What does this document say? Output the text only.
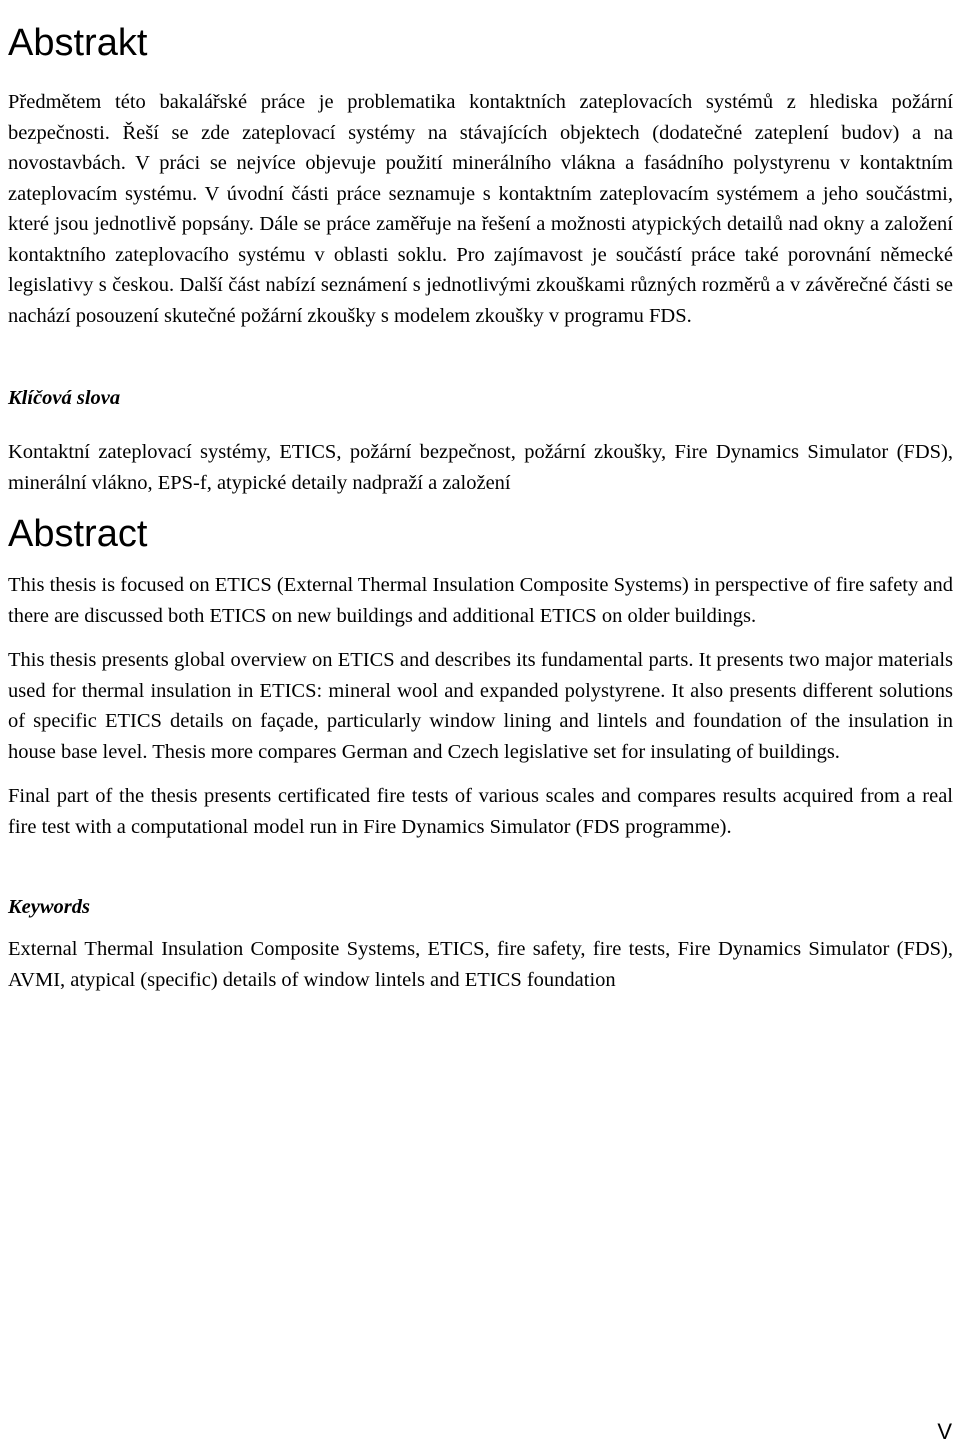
Abstrakt

Předmětem této bakalářské práce je problematika kontaktních zateplovacích systémů z hlediska požární bezpečnosti. Řeší se zde zateplovací systémy na stávajících objektech (dodatečné zateplení budov) a na novostavbách. V práci se nejvíce objevuje použití minerálního vlákna a fasádního polystyrenu v kontaktním zateplovacím systému. V úvodní části práce seznamuje s kontaktním zateplovacím systémem a jeho součástmi, které jsou jednotlivě popsány. Dále se práce zaměřuje na řešení a možnosti atypických detailů nad okny a založení kontaktního zateplovacího systému v oblasti soklu. Pro zajímavost je součástí práce také porovnání německé legislativy s českou. Další část nabízí seznámení s jednotlivými zkouškami různých rozměrů a v závěrečné části se nachází posouzení skutečné požární zkoušky s modelem zkoušky v programu FDS.

Klíčová slova

Kontaktní zateplovací systémy, ETICS, požární bezpečnost, požární zkoušky, Fire Dynamics Simulator (FDS), minerální vlákno, EPS-f, atypické detaily nadpraží a založení

Abstract

This thesis is focused on ETICS (External Thermal Insulation Composite Systems) in perspective of fire safety and there are discussed both ETICS on new buildings and additional ETICS on older buildings.

This thesis presents global overview on ETICS and describes its fundamental parts. It presents two major materials used for thermal insulation in ETICS: mineral wool and expanded polystyrene. It also presents different solutions of specific ETICS details on façade, particularly window lining and lintels and foundation of the insulation in house base level. Thesis more compares German and Czech legislative set for insulating of buildings.

Final part of the thesis presents certificated fire tests of various scales and compares results acquired from a real fire test with a computational model run in Fire Dynamics Simulator (FDS programme).

Keywords

External Thermal Insulation Composite Systems, ETICS, fire safety, fire tests, Fire Dynamics Simulator (FDS), AVMI, atypical (specific) details of window lintels and ETICS foundation

V
